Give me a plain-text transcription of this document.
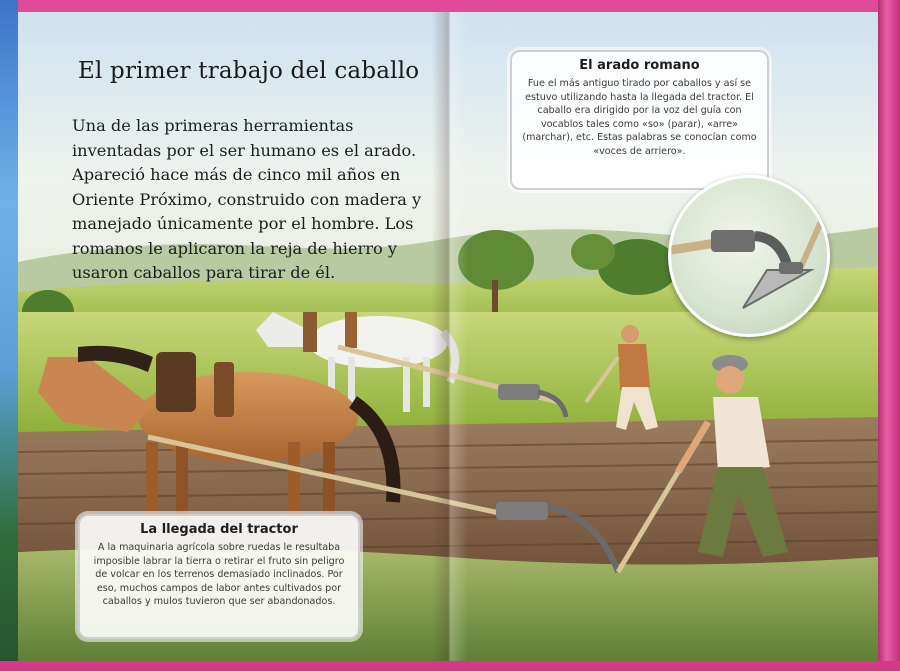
El primer trabajo del caballo

Una de las primeras herramientas inventadas por el ser humano es el arado. Apareció hace más de cinco mil años en Oriente Próximo, construido con madera y manejado únicamente por el hombre. Los romanos le aplicaron la reja de hierro y usaron caballos para tirar de él.

El arado romano

Fue el más antiguo tirado por caballos y así se estuvo utilizando hasta la llegada del tractor. El caballo era dirigido por la voz del guía con vocablos tales como «so» (parar), «arre» (marchar), etc. Estas palabras se conocían como «voces de arriero».

La llegada del tractor

A la maquinaria agrícola sobre ruedas le resultaba imposible labrar la tierra o retirar el fruto sin peligro de volcar en los terrenos demasiado inclinados. Por eso, muchos campos de labor antes cultivados por caballos y mulos tuvieron que ser abandonados.
